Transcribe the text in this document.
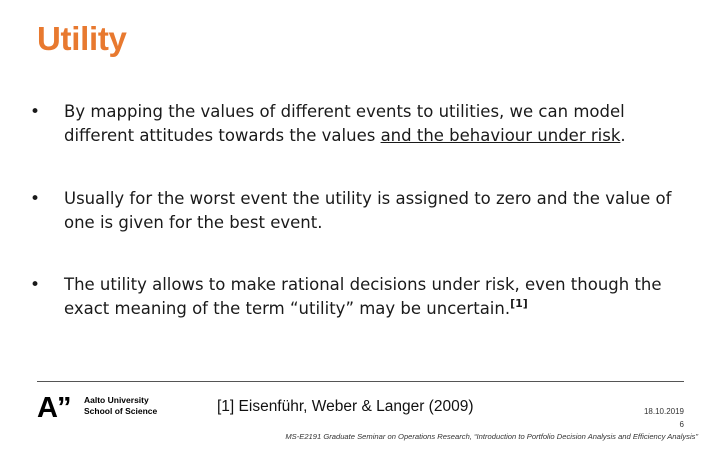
Utility
• By mapping the values of different events to utilities, we can model different attitudes towards the values and the behaviour under risk.
• Usually for the worst event the utility is assigned to zero and the value of one is given for the best event.
• The utility allows to make rational decisions under risk, even though the exact meaning of the term “utility” may be uncertain.[1]
A” Aalto University
School of Science	[1] Eisenführ, Weber & Langer (2009)	18.10.2019
6
MS-E2191 Graduate Seminar on Operations Research, “Introduction to Portfolio Decision Analysis and Efficiency Analysis”
